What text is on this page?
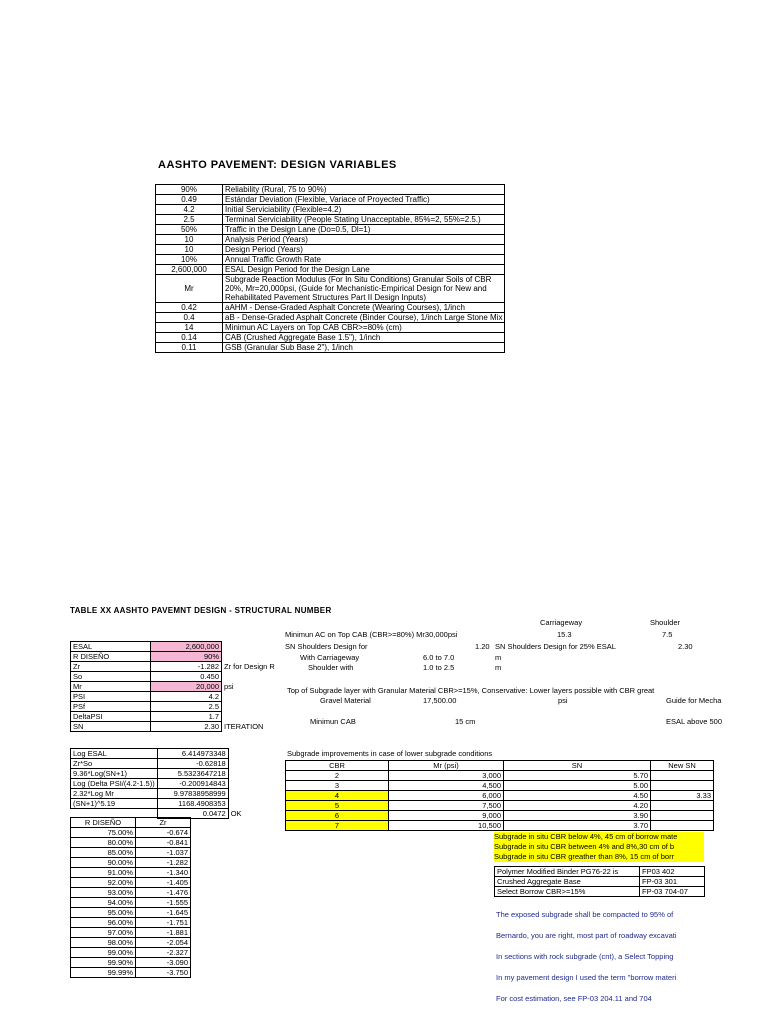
AASHTO PAVEMENT: DESIGN VARIABLES
90%	Reliability (Rural, 75 to 90%)
0.49	Estándar Deviation (Flexible, Variace of Proyected Traffic)
4.2	Initial Serviciability (Flexible=4.2)
2.5	Terminal Serviciability (People Stating Unacceptable, 85%=2, 55%=2.5.)
50%	Traffic in the Design Lane (Do=0.5, Dl=1)
10	Analysis Period (Years)
10	Design Period (Years)
10%	Annual Traffic Growth Rate
2,600,000	ESAL Design Period for the Design Lane
Mr	Subgrade Reaction Modulus (For In Situ Conditions) Granular Soils of CBR 20%, Mr=20,000psi, (Guide for Mechanistic-Empirical Design for New and Rehabilitated Pavement Structures Part II Design Inputs)
0.42	aAHM - Dense-Graded Asphalt Concrete (Wearing Courses), 1/inch
0.4	aB - Dense-Graded Asphalt Concrete (Binder Course), 1/inch Large Stone Mix
14	Minimun AC Layers on Top CAB CBR>=80% (cm)
0.14	CAB (Crushed Aggregate Base 1.5"), 1/inch
0.11	GSB (Granular Sub Base 2"), 1/inch
TABLE XX AASHTO PAVEMNT DESIGN - STRUCTURAL NUMBER
ESAL	2,600,000	
R DISEÑO	90%	
Zr	-1.282	Zr for Design R
So	0.450	
Mr	20,000	psi
PSI	4.2	
PSf	2.5	
DeltaPSI	1.7	
SN	2.30	ITERATION
Log ESAL	6.414973348	
Zr*So	-0.62818	
9.36*Log(SN+1)	5.5323647218	
Log (Delta PSI/(4.2-1.5))	-0.200914843	
2.32*Log Mr	9.97838958999	
(SN+1)^5.19	1168.4908353	
	0.0472	OK
R DISEÑO	Zr
75.00%	-0.674
80.00%	-0.841
85.00%	-1.037
90.00%	-1.282
91.00%	-1.340
92.00%	-1.405
93.00%	-1.476
94.00%	-1.555
95.00%	-1.645
96.00%	-1.751
97.00%	-1.881
98.00%	-2.054
99.00%	-2.327
99.90%	-3.090
99.99%	-3.750
Carriageway	Shoulder
Minimun AC on Top CAB (CBR>=80%) Mr30,000psi	15.3	7.5
SN Shoulders Design for	1.20 SN Shoulders Design for 25% ESAL	2.30
With Carriageway	6.0 to 7.0	m
Shoulder with	1.0 to 2.5	m
Top of Subgrade layer with Granular Material CBR>=15%, Conservative: Lower layers possible with CBR great
Gravel Material	17,500.00	psi	Guide for Mecha
Minimun CAB	15 cm	ESAL above 500
Subgrade improvements in case of lower subgrade conditions
CBR	Mr (psi)	SN	New SN
2	3,000	5.70	
3	4,500	5.00	
4	6,000	4.50	3.33
5	7,500	4.20	
6	9,000	3.90	
7	10,500	3.70	
Subgrade in situ CBR below 4%, 45 cm of borrow mate
Subgrade in situ CBR between 4% and 8%,30 cm of b
Subgrade in situ CBR greather than 8%, 15 cm of borr
Polymer Modified Binder PG76-22 is	FP03 402
Crushed Aggregate Base	FP-03 301
Select Borrow CBR>=15%	FP-03 704-07
The exposed subgrade shall be compacted to 95% of
Bernardo, you are right, most part of roadway excavati
In sections with rock subgrade (cnt), a Select Topping
In my pavement design I used the term "borrow materi
For cost estimation, see FP-03 204.11 and 704
